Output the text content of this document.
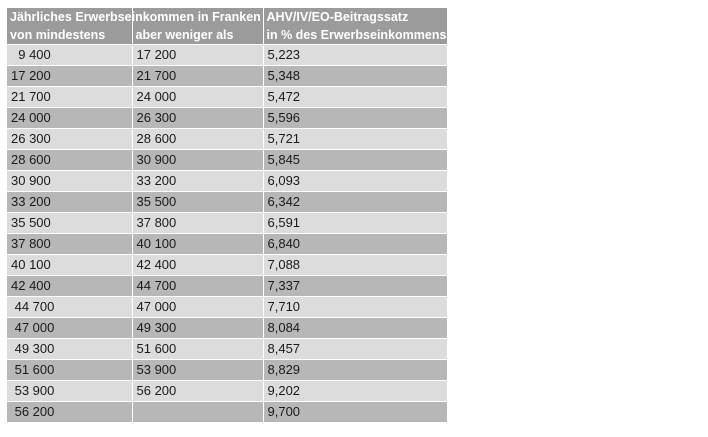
Jährliches Erwerbseinkommen in Franken
von mindestens	aber weniger als	AHV/IV/EO-Beitragssatz
in % des Erwerbseinkommens

9 400	17 200	5,223
17 200	21 700	5,348
21 700	24 000	5,472
24 000	26 300	5,596
26 300	28 600	5,721
28 600	30 900	5,845
30 900	33 200	6,093
33 200	35 500	6,342
35 500	37 800	6,591
37 800	40 100	6,840
40 100	42 400	7,088
42 400	44 700	7,337
44 700	47 000	7,710
47 000	49 300	8,084
49 300	51 600	8,457
51 600	53 900	8,829
53 900	56 200	9,202
56 200		9,700
